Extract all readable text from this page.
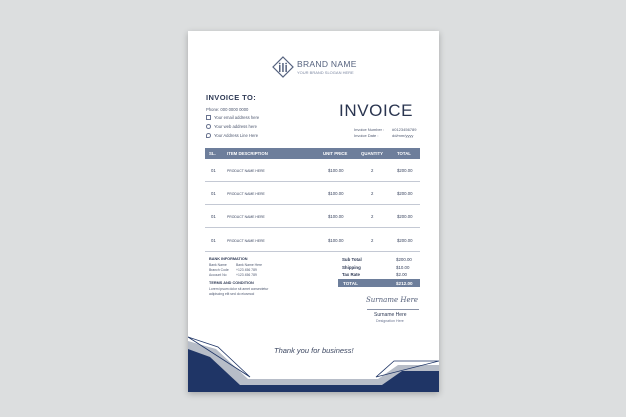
BRAND NAME
YOUR BRAND SLOGAN HERE
INVOICE TO:
Phone: 000 0000 0000
Your email address here
Your web address here
Your Address Line Here
INVOICE
Invoice Number : #0123456789
Invoice Date :	dd/mm/yyyy
SL.	ITEM DESCRIPTION	UNIT PRICE	QUANTITY	TOTAL
01	PRODUCT NAME HERE	$100.00	2	$200.00
01	PRODUCT NAME HERE	$100.00	2	$200.00
01	PRODUCT NAME HERE	$100.00	2	$200.00
01	PRODUCT NAME HERE	$100.00	2	$200.00
BANK INFORMATION
Bank Name	Bank Name Here
Branch Code +123 456 789
Account No	+123 456 789
TERMS AND CONDITION
Lorem ipsum dolor sit amet consectetur
adipiscing elit sed do eiusmod
Sub Total	$200.00
Shipping	$10.00
Tax Rate	$2.00
TOTAL	$212.00
Surname Here
Surname Here
Designation Here
Thank you for business!
